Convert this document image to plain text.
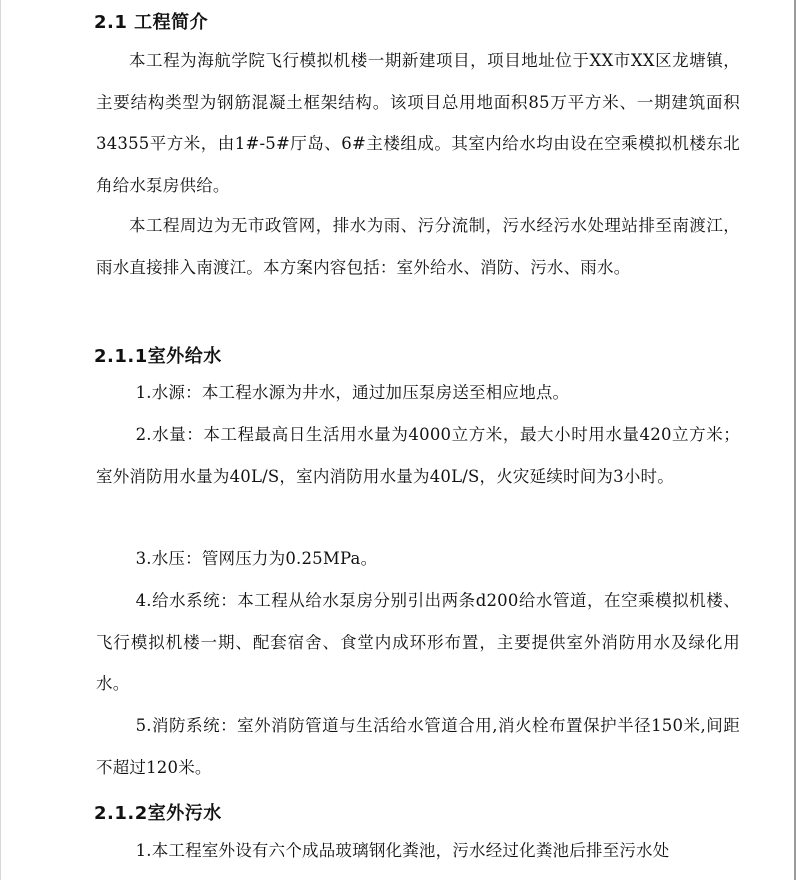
2.1 工程简介

本工程为海航学院飞行模拟机楼一期新建项目，项目地址位于XX市XX区龙塘镇，主要结构类型为钢筋混凝土框架结构。该项目总用地面积85万平方米、一期建筑面积34355平方米，由1#-5#厅岛、6#主楼组成。其室内给水均由设在空乘模拟机楼东北角给水泵房供给。

本工程周边为无市政管网，排水为雨、污分流制，污水经污水处理站排至南渡江，雨水直接排入南渡江。本方案内容包括：室外给水、消防、污水、雨水。

2.1.1室外给水

1.水源：本工程水源为井水，通过加压泵房送至相应地点。

2.水量：本工程最高日生活用水量为4000立方米，最大小时用水量420立方米；室外消防用水量为40L/S，室内消防用水量为40L/S，火灾延续时间为3小时。

3.水压：管网压力为0.25MPa。

4.给水系统：本工程从给水泵房分别引出两条d200给水管道，在空乘模拟机楼、飞行模拟机楼一期、配套宿舍、食堂内成环形布置，主要提供室外消防用水及绿化用水。

5.消防系统：室外消防管道与生活给水管道合用,消火栓布置保护半径150米,间距不超过120米。

2.1.2室外污水

1.本工程室外设有六个成品玻璃钢化粪池，污水经过化粪池后排至污水处
